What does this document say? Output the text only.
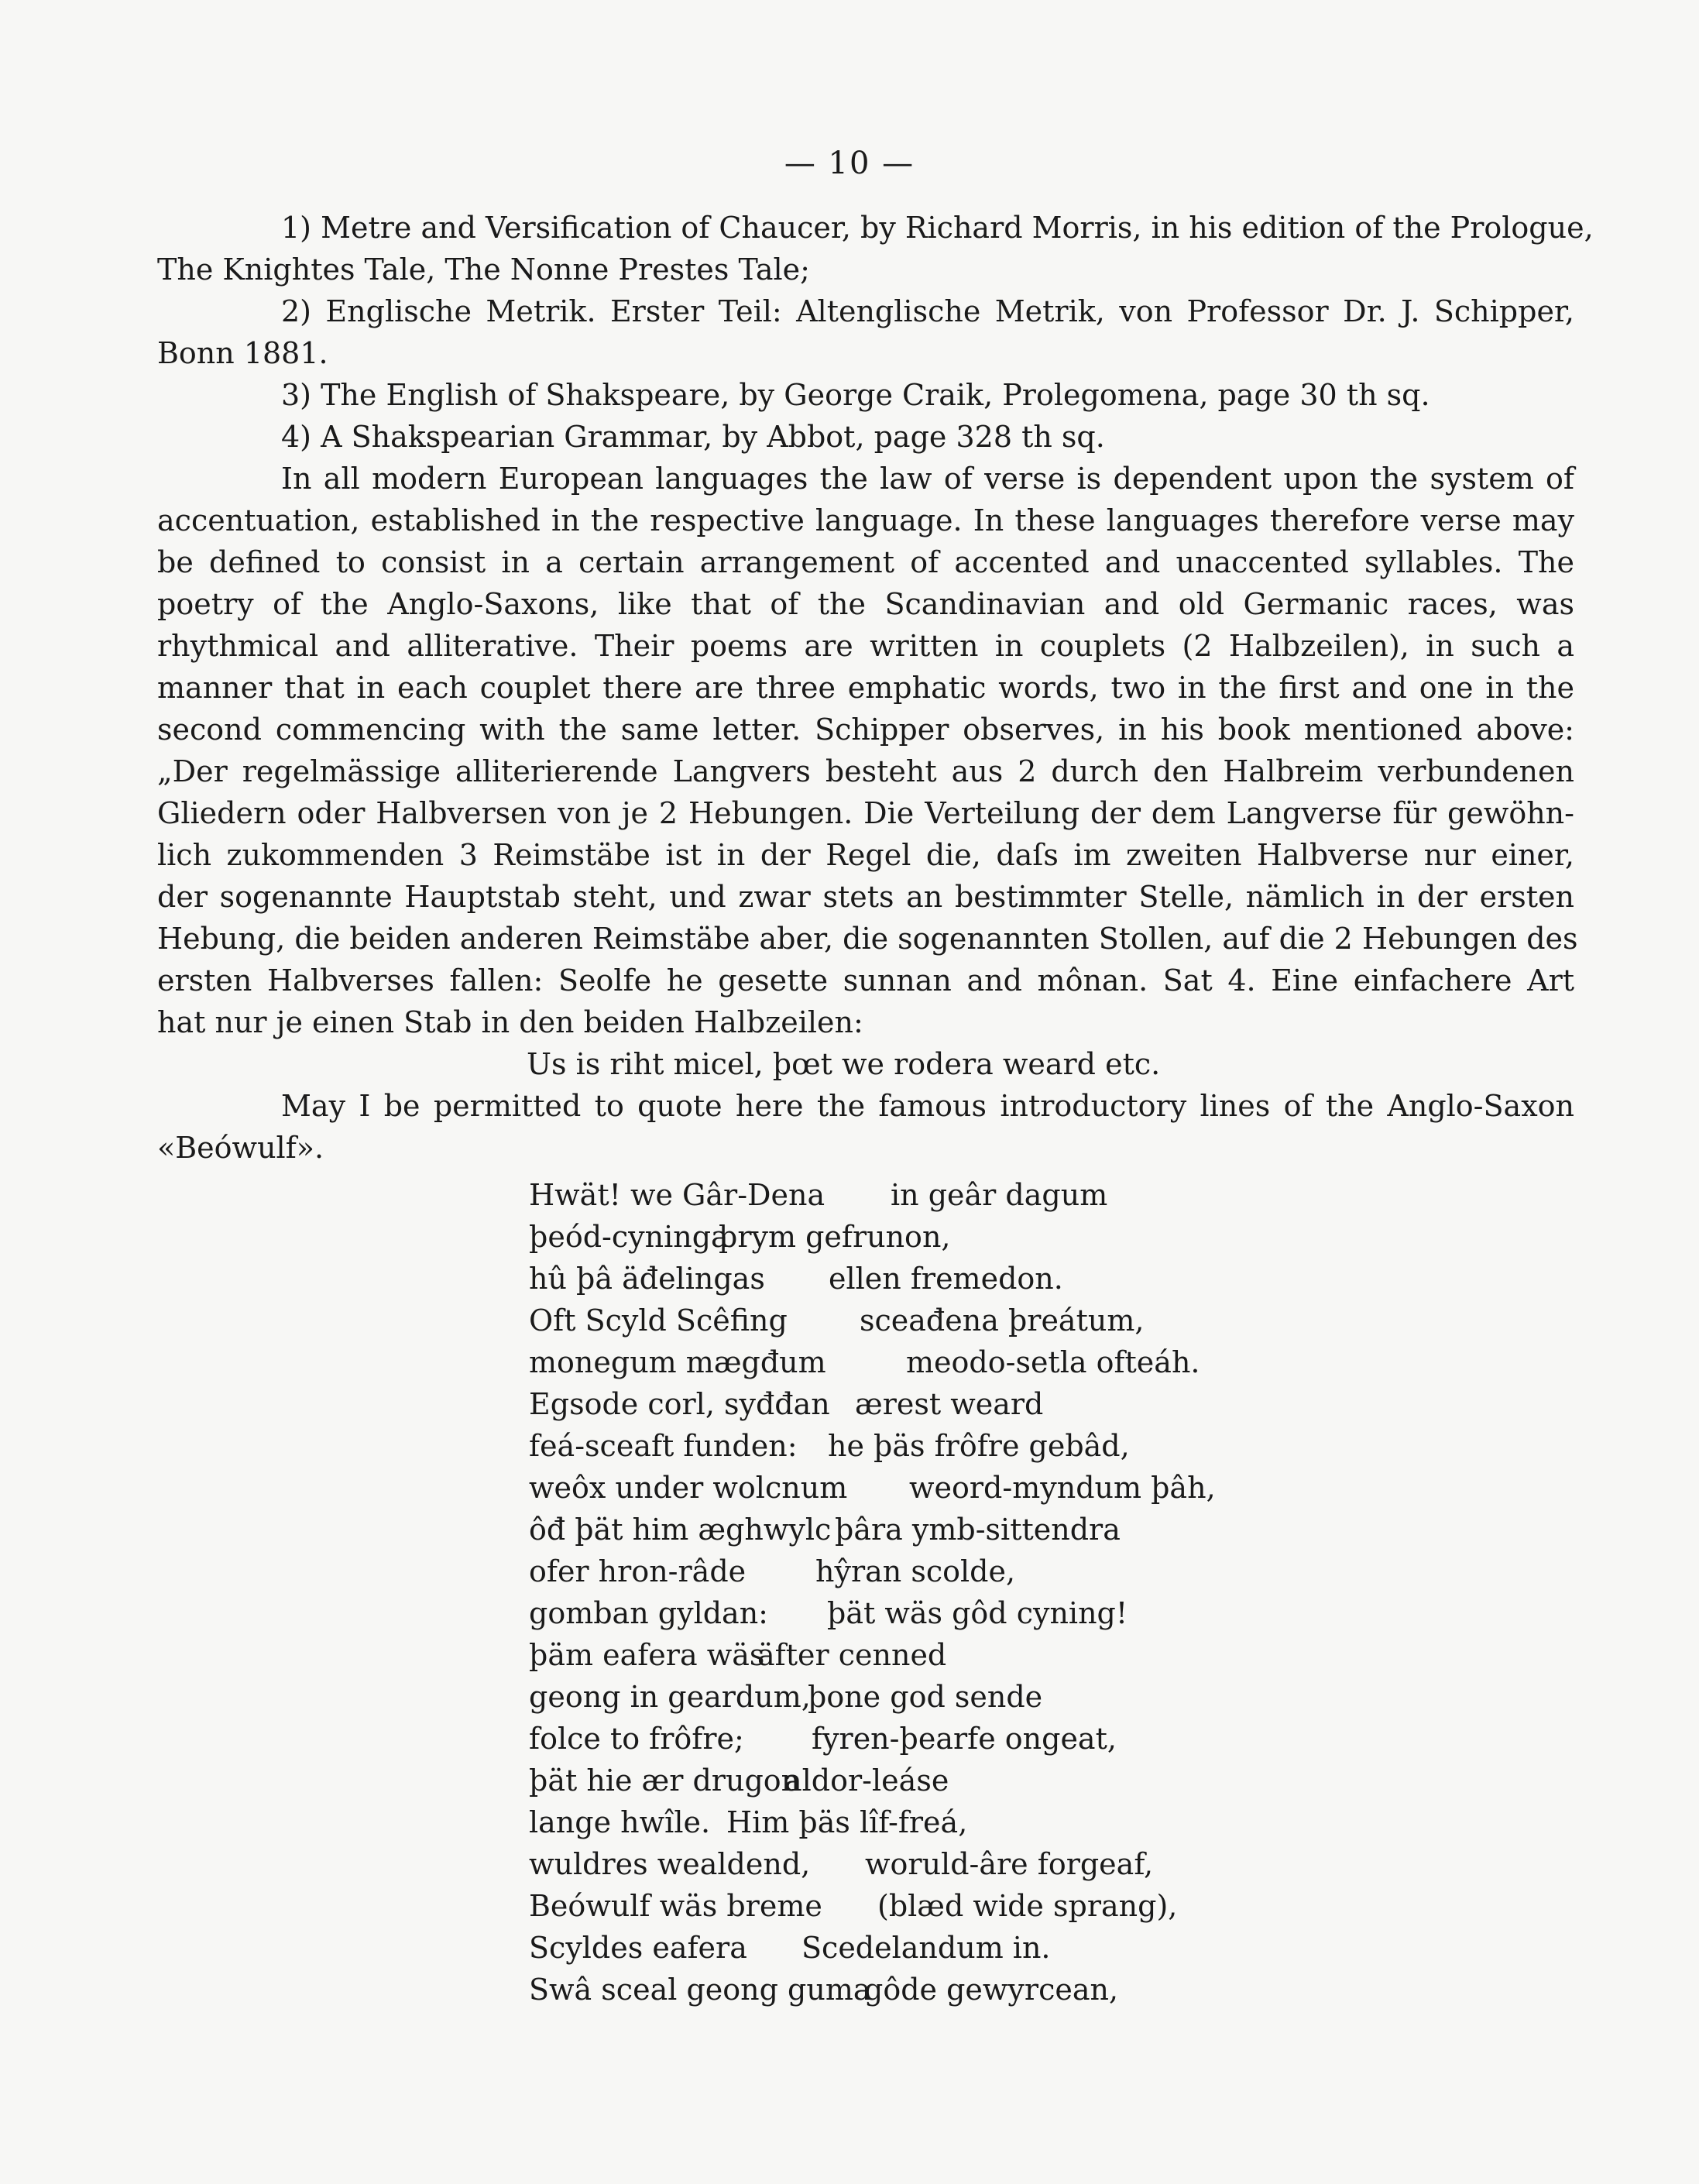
— 10 —
1) Metre and Versification of Chaucer, by Richard Morris, in his edition of the Prologue,
The Knightes Tale, The Nonne Prestes Tale;
2) Englische Metrik. Erster Teil: Altenglische Metrik, von Professor Dr. J. Schipper,
Bonn 1881.
3) The English of Shakspeare, by George Craik, Prolegomena, page 30 th sq.
4) A Shakspearian Grammar, by Abbot, page 328 th sq.
In all modern European languages the law of verse is dependent upon the system of
accentuation, established in the respective language. In these languages therefore verse may
be defined to consist in a certain arrangement of accented and unaccented syllables. The
poetry of the Anglo-Saxons, like that of the Scandinavian and old Germanic races, was
rhythmical and alliterative. Their poems are written in couplets (2 Halbzeilen), in such a
manner that in each couplet there are three emphatic words, two in the first and one in the
second commencing with the same letter. Schipper observes, in his book mentioned above:
„Der regelmässige alliterierende Langvers besteht aus 2 durch den Halbreim verbundenen
Gliedern oder Halbversen von je 2 Hebungen. Die Verteilung der dem Langverse für gewöhn-
lich zukommenden 3 Reimstäbe ist in der Regel die, daſs im zweiten Halbverse nur einer,
der sogenannte Hauptstab steht, und zwar stets an bestimmter Stelle, nämlich in der ersten
Hebung, die beiden anderen Reimstäbe aber, die sogenannten Stollen, auf die 2 Hebungen des
ersten Halbverses fallen: Seolfe he gesette sunnan and mônan. Sat 4. Eine einfachere Art
hat nur je einen Stab in den beiden Halbzeilen:
Us is riht micel, þœt we rodera weard etc.
May I be permitted to quote here the famous introductory lines of the Anglo-Saxon
«Beówulf».
Hwät! we Gâr-Dena in geâr dagum
þeód-cyninga
þrym gefrunon,
hû þâ äđelingas ellen fremedon.
Oft Scyld Scêfing sceađena þreátum,
monegum mægđum	meodo-setla ofteáh.
Egsode corl, syđđan ærest weard
feá-sceaft funden: he þäs frôfre gebâd,
weôx under wolcnum weord-myndum þâh,
ôđ þät him æghwylc þâra ymb-sittendra
ofer hron-râde hŷran scolde,
gomban gyldan: þät wäs gôd cyning!
þäm eafera wäs
äfter cenned
geong in geardum,
þone god sende
folce to frôfre; fyren-þearfe ongeat,
þät hie ær drugon
aldor-leáse
lange hwîle. Him þäs lîf-freá,
wuldres wealdend, woruld-âre forgeaf,
Beówulf wäs breme (blæd wide sprang),
Scyldes eafera Scedelandum in.
Swâ sceal geong guma
gôde gewyrcean,
